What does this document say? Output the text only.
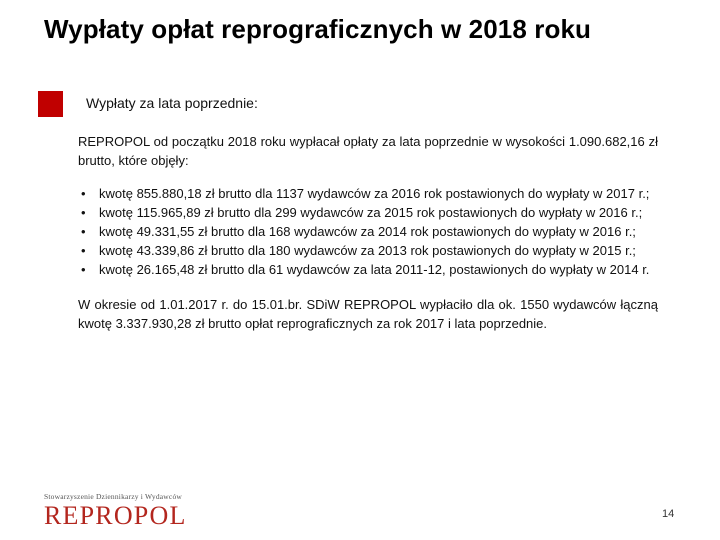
Wypłaty opłat reprograficznych w 2018 roku
Wypłaty za lata poprzednie:

REPROPOL od początku 2018 roku wypłacał opłaty za lata poprzednie w wysokości 1.090.682,16 zł brutto, które objęły:

• kwotę 855.880,18 zł brutto dla 1137 wydawców za 2016 rok postawionych do wypłaty w 2017 r.;
• kwotę 115.965,89 zł brutto dla 299 wydawców za 2015 rok postawionych do wypłaty w 2016 r.;
• kwotę 49.331,55 zł brutto dla 168 wydawców za 2014 rok postawionych do wypłaty w 2016 r.;
• kwotę 43.339,86 zł brutto dla 180 wydawców za 2013 rok postawionych do wypłaty w 2015 r.;
• kwotę 26.165,48 zł brutto dla 61 wydawców za lata 2011-12, postawionych do wypłaty w 2014 r.

W okresie od 1.01.2017 r. do 15.01.br. SDiW REPROPOL wypłaciło dla ok. 1550 wydawców łączną kwotę 3.337.930,28 zł brutto opłat reprograficznych za rok 2017 i lata poprzednie.

Stowarzyszenie Dziennikarzy i Wydawców
REPROPOL	14
